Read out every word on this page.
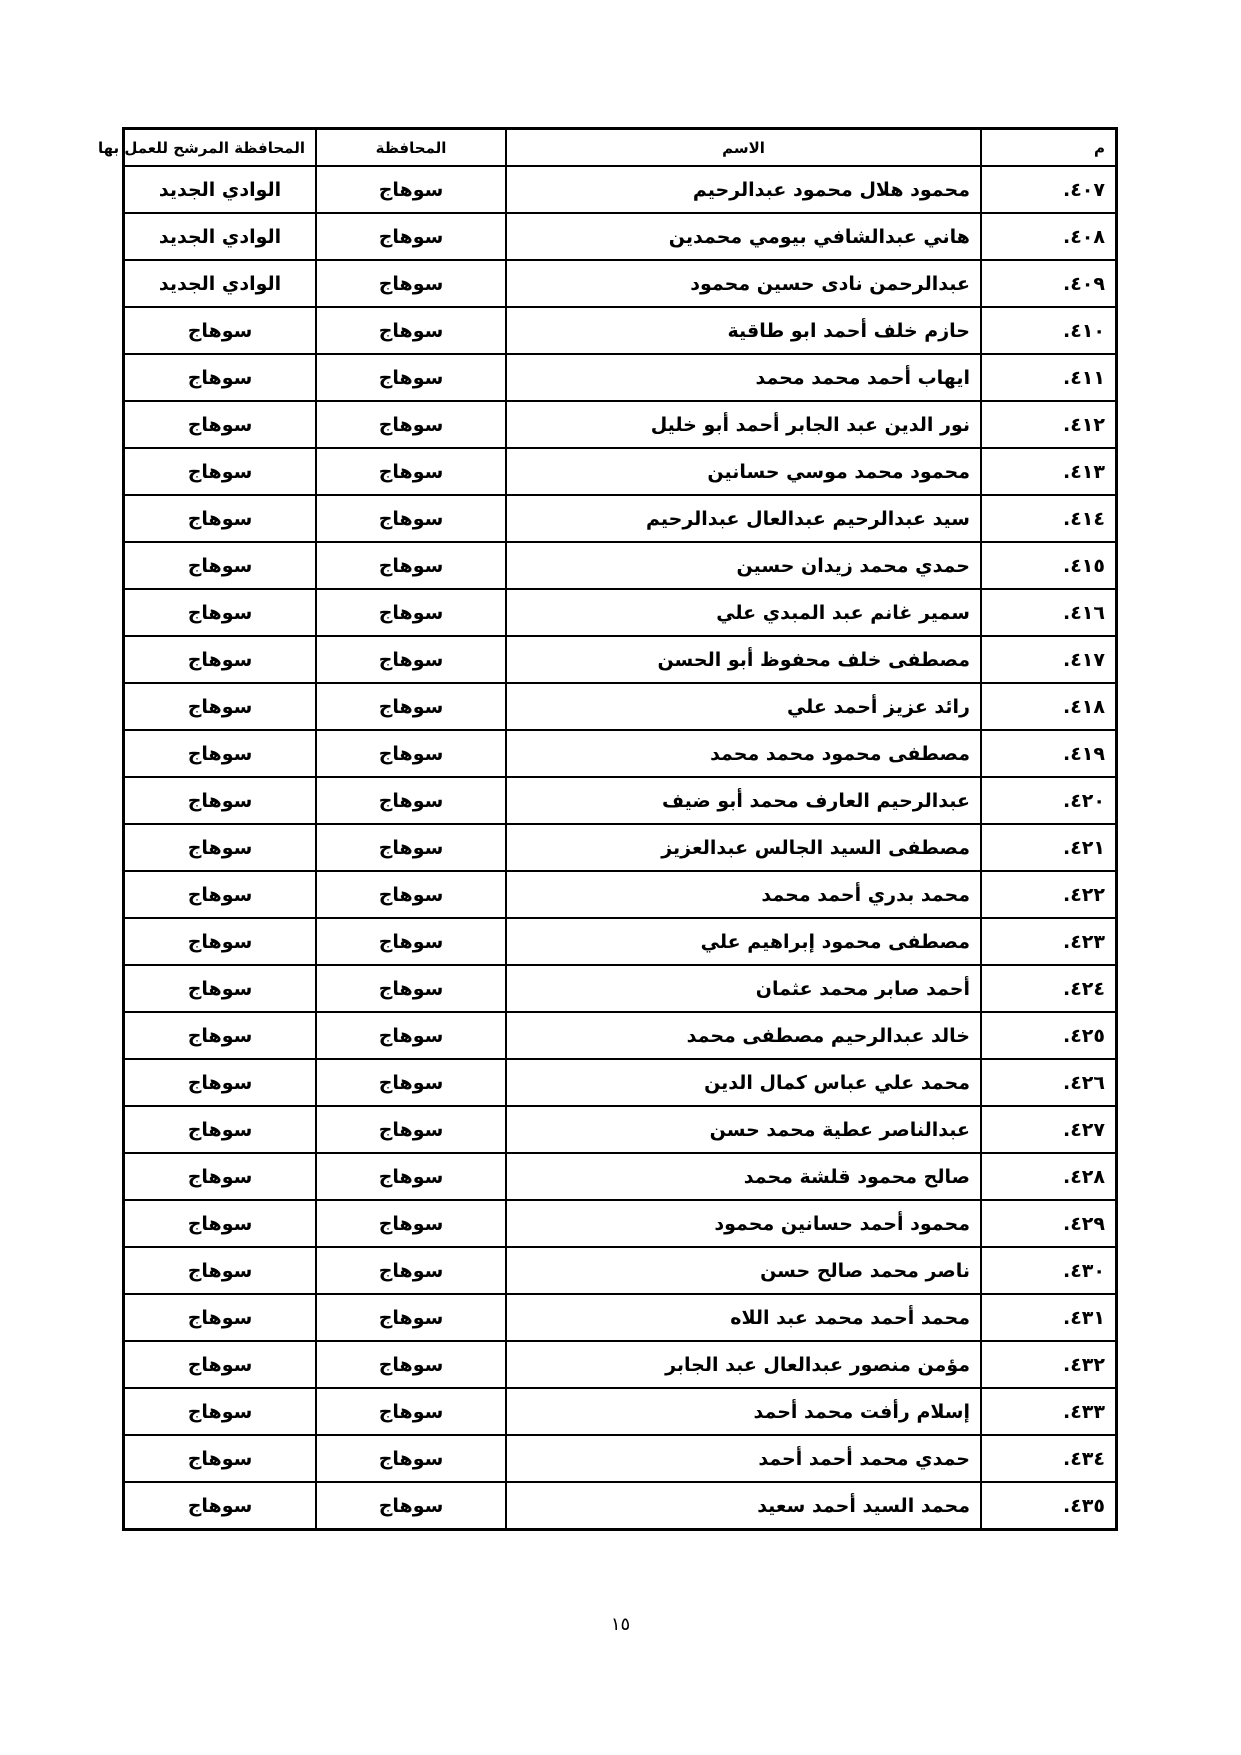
م	الاسم	المحافظة	المحافظة المرشح للعمل بها
٤٠٧.	محمود هلال محمود عبدالرحيم	سوهاج	الوادي الجديد
٤٠٨.	هاني عبدالشافي بيومي محمدين	سوهاج	الوادي الجديد
٤٠٩.	عبدالرحمن نادى حسين محمود	سوهاج	الوادي الجديد
٤١٠.	حازم خلف أحمد ابو طاقية	سوهاج	سوهاج
٤١١.	ايهاب أحمد محمد محمد	سوهاج	سوهاج
٤١٢.	نور الدين عبد الجابر أحمد أبو خليل	سوهاج	سوهاج
٤١٣.	محمود محمد موسي حسانين	سوهاج	سوهاج
٤١٤.	سيد عبدالرحيم عبدالعال عبدالرحيم	سوهاج	سوهاج
٤١٥.	حمدي محمد زيدان حسين	سوهاج	سوهاج
٤١٦.	سمير غانم عبد المبدي علي	سوهاج	سوهاج
٤١٧.	مصطفى خلف محفوظ أبو الحسن	سوهاج	سوهاج
٤١٨.	رائد عزيز أحمد علي	سوهاج	سوهاج
٤١٩.	مصطفى محمود محمد محمد	سوهاج	سوهاج
٤٢٠.	عبدالرحيم العارف محمد أبو ضيف	سوهاج	سوهاج
٤٢١.	مصطفى السيد الجالس عبدالعزيز	سوهاج	سوهاج
٤٢٢.	محمد بدري أحمد محمد	سوهاج	سوهاج
٤٢٣.	مصطفى محمود إبراهيم علي	سوهاج	سوهاج
٤٢٤.	أحمد صابر محمد عثمان	سوهاج	سوهاج
٤٢٥.	خالد عبدالرحيم مصطفى محمد	سوهاج	سوهاج
٤٢٦.	محمد علي عباس كمال الدين	سوهاج	سوهاج
٤٢٧.	عبدالناصر عطية محمد حسن	سوهاج	سوهاج
٤٢٨.	صالح محمود قلشة محمد	سوهاج	سوهاج
٤٢٩.	محمود أحمد حسانين محمود	سوهاج	سوهاج
٤٣٠.	ناصر محمد صالح حسن	سوهاج	سوهاج
٤٣١.	محمد أحمد محمد عبد اللاه	سوهاج	سوهاج
٤٣٢.	مؤمن منصور عبدالعال عبد الجابر	سوهاج	سوهاج
٤٣٣.	إسلام رأفت محمد أحمد	سوهاج	سوهاج
٤٣٤.	حمدي محمد أحمد أحمد	سوهاج	سوهاج
٤٣٥.	محمد السيد أحمد سعيد	سوهاج	سوهاج
١٥
